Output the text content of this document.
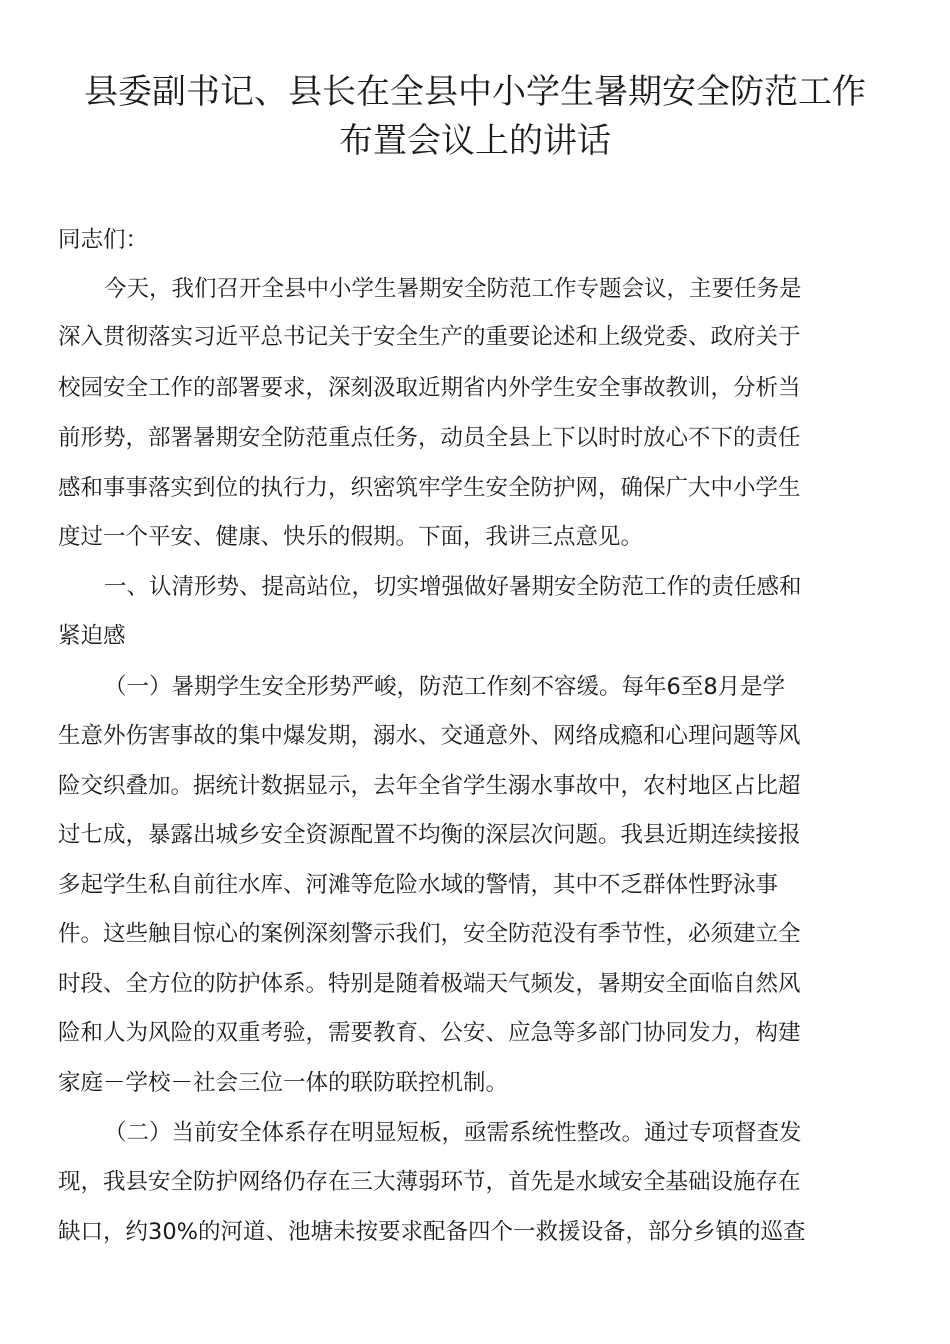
县委副书记、县长在全县中小学生暑期安全防范工作
布置会议上的讲话

同志们：

今天，我们召开全县中小学生暑期安全防范工作专题会议，主要任务是

深入贯彻落实习近平总书记关于安全生产的重要论述和上级党委、政府关于

校园安全工作的部署要求，深刻汲取近期省内外学生安全事故教训，分析当

前形势，部署暑期安全防范重点任务，动员全县上下以时时放心不下的责任

感和事事落实到位的执行力，织密筑牢学生安全防护网，确保广大中小学生

度过一个平安、健康、快乐的假期。下面，我讲三点意见。

一、认清形势、提高站位，切实增强做好暑期安全防范工作的责任感和

紧迫感

（一）暑期学生安全形势严峻，防范工作刻不容缓。每年6至8月是学

生意外伤害事故的集中爆发期，溺水、交通意外、网络成瘾和心理问题等风

险交织叠加。据统计数据显示，去年全省学生溺水事故中，农村地区占比超

过七成，暴露出城乡安全资源配置不均衡的深层次问题。我县近期连续接报

多起学生私自前往水库、河滩等危险水域的警情，其中不乏群体性野泳事

件。这些触目惊心的案例深刻警示我们，安全防范没有季节性，必须建立全

时段、全方位的防护体系。特别是随着极端天气频发，暑期安全面临自然风

险和人为风险的双重考验，需要教育、公安、应急等多部门协同发力，构建

家庭－学校－社会三位一体的联防联控机制。

（二）当前安全体系存在明显短板，亟需系统性整改。通过专项督查发

现，我县安全防护网络仍存在三大薄弱环节，首先是水域安全基础设施存在

缺口，约30%的河道、池塘未按要求配备四个一救援设备，部分乡镇的巡查
